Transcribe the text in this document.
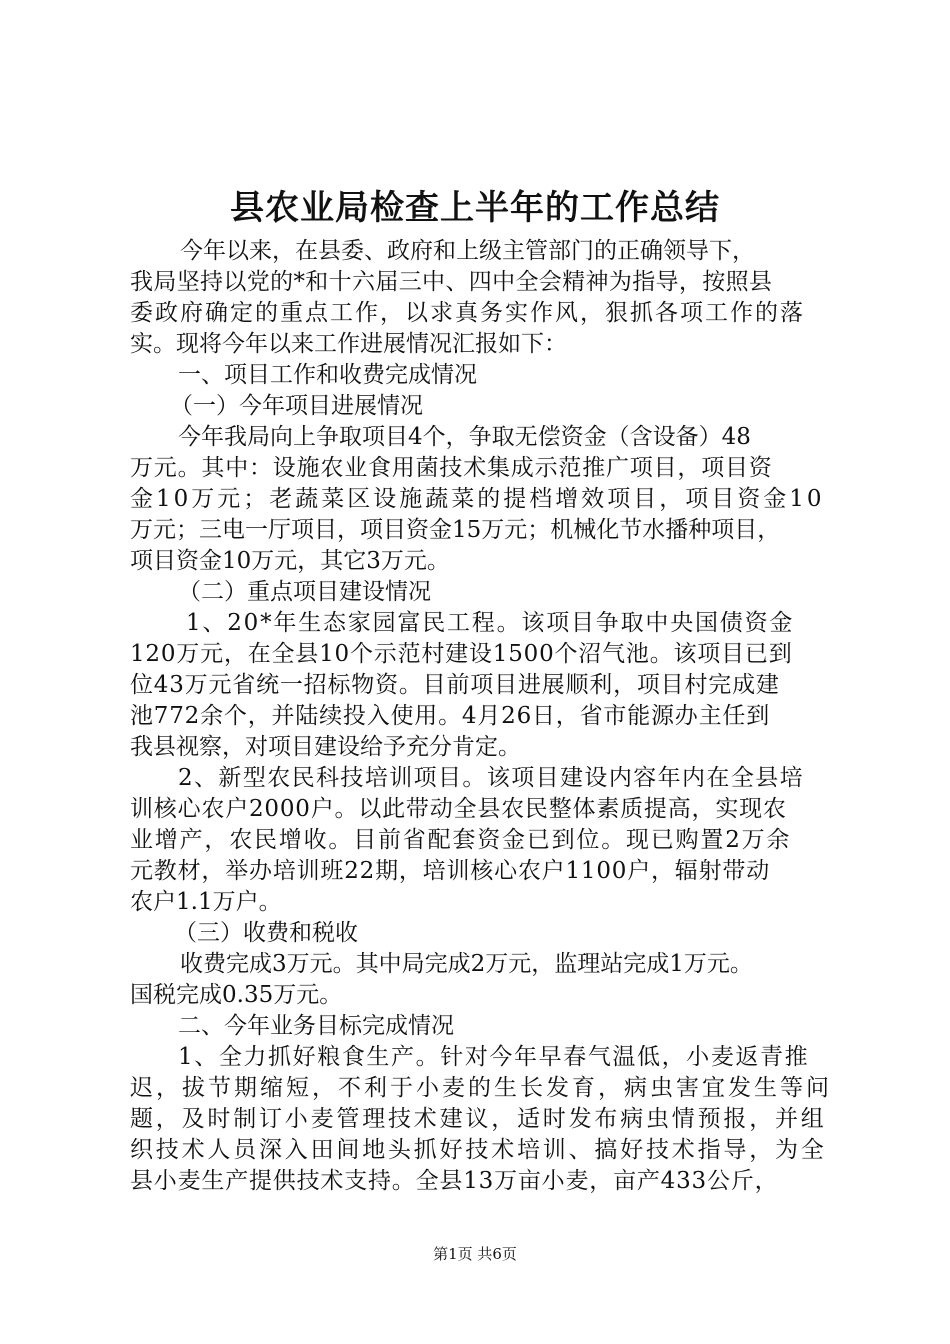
县农业局检查上半年的工作总结
今年以来，在县委、政府和上级主管部门的正确领导下，
我局坚持以党的*和十六届三中、四中全会精神为指导，按照县
委政府确定的重点工作，以求真务实作风，狠抓各项工作的落
实。现将今年以来工作进展情况汇报如下：
一、项目工作和收费完成情况
（一）今年项目进展情况
今年我局向上争取项目4个，争取无偿资金（含设备）48
万元。其中：设施农业食用菌技术集成示范推广项目，项目资
金10万元；老蔬菜区设施蔬菜的提档增效项目，项目资金10
万元；三电一厅项目，项目资金15万元；机械化节水播种项目，
项目资金10万元，其它3万元。
（二）重点项目建设情况
1、20*年生态家园富民工程。该项目争取中央国债资金
120万元，在全县10个示范村建设1500个沼气池。该项目已到
位43万元省统一招标物资。目前项目进展顺利，项目村完成建
池772余个，并陆续投入使用。4月26日，省市能源办主任到
我县视察，对项目建设给予充分肯定。
2、新型农民科技培训项目。该项目建设内容年内在全县培
训核心农户2000户。以此带动全县农民整体素质提高，实现农
业增产，农民增收。目前省配套资金已到位。现已购置2万余
元教材，举办培训班22期，培训核心农户1100户，辐射带动
农户1.1万户。
（三）收费和税收
收费完成3万元。其中局完成2万元，监理站完成1万元。
国税完成0.35万元。
二、今年业务目标完成情况
1、全力抓好粮食生产。针对今年早春气温低，小麦返青推
迟，拔节期缩短，不利于小麦的生长发育，病虫害宜发生等问
题，及时制订小麦管理技术建议，适时发布病虫情预报，并组
织技术人员深入田间地头抓好技术培训、搞好技术指导，为全
县小麦生产提供技术支持。全县13万亩小麦，亩产433公斤，
第1页 共6页
